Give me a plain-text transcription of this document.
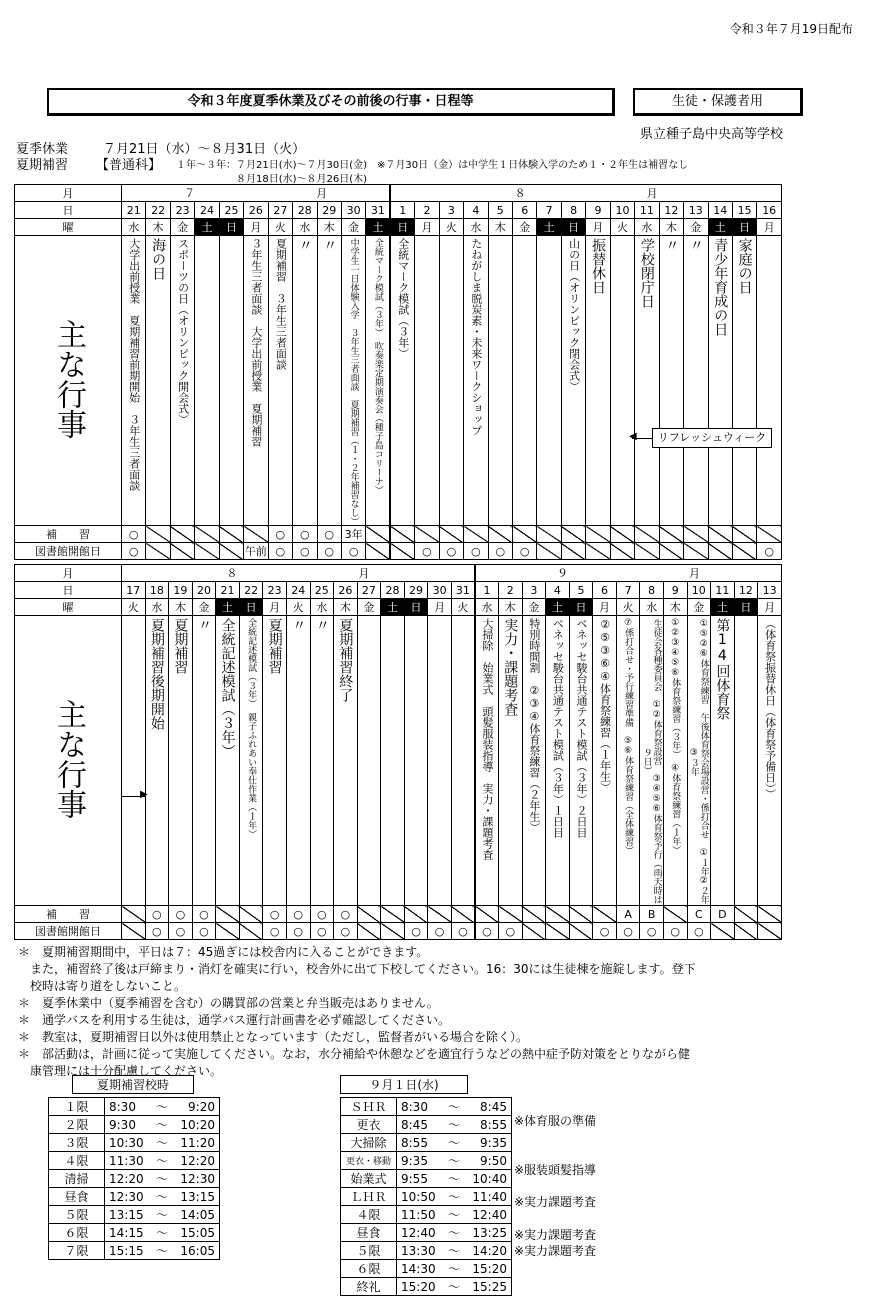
令和３年７月19日配布
令和３年度夏季休業及びその前後の行事・日程等	生徒・保護者用
県立種子島中央高等学校
夏季休業	７月21日（水）～８月31日（火）
夏期補習 【普通科】 １年～３年：７月21日(水)～７月30日(金)　※７月30日（金）は中学生１日体験入学のため１・２年生は補習なし
８月18日(水)～８月26日(木)
月	７　　　　　　　　　　　月											８　　　　　　　　　　　月															
日	21	22	23	24	25	26	27	28	29	30	31	1	2	3	4	5	6	7	8	9	10	11	12	13	14	15	16
曜	水	木	金	土	日	月	火	水	木	金	土	日	月	火	水	木	金	土	日	月	火	水	木	金	土	日	月
主な行事	大学出前授業　夏期補習前期開始　３年生三者面談	海の日	スポーツの日（オリンピック開会式）			３年生三者面談　大学出前授業　夏期補習	夏期補習　３年生三者面談	〃	〃	中学生一日体験入学　３年生三者面談　夏期補習（１・２年補習なし）	全統マーク模試（３年）　吹奏楽定期演奏会（種子島コリーナ）	全統マーク模試（３年）			たねがしま脱炭素・未来ワークショップ				山の日（オリンピック閉会式）	振替休日		学校閉庁日	〃	〃	青少年育成の日	家庭の日	
補　　習	○						○	○	○	3年																	
図書館開館日	○					午前	○	○	○	○			○	○	○	○	○										○
リフレッシュウィーク
◀
月	８　　　　　　　　　　　月															９　　　　　　　　　　　月												
日	17	18	19	20	21	22	23	24	25	26	27	28	29	30	31	1	2	3	4	5	6	7	8	9	10	11	12	13
曜	火	水	木	金	土	日	月	火	水	木	金	土	日	月	火	水	木	金	土	日	月	火	水	木	金	土	日	月
主な行事		夏期補習後期開始	夏期補習	〃	全統記述模試（３年）	全統記述模試（３年）　親子ふれあい奉仕作業（１年）	夏期補習	〃	〃	夏期補習終了						大掃除　始業式　頭髪服装指導　実力・課題考査	実力・課題考査	特別時間割　②③④体育祭練習（２年生）	ベネッセ駿台共通テスト模試（３年）１日目	ベネッセ駿台共通テスト模試（３年）２日目	②⑤③⑥④体育祭練習（１年生）	⑦係打合せ・予行練習準備　⑤⑥体育祭練習（全体練習）	生徒会各種委員会　①②体育祭設営　③④⑤⑥体育祭予行（雨天時は９日）	①②③④⑤⑥体育祭練習（３年）　④体育祭練習（１年）	①⑤②⑥体育祭練習　午後体育祭会場設営・係打合せ　①１年②２年③３年	第14回体育祭		（体育祭振替休日（体育祭予備日））
補　　習		○	○	○			○	○	○	○												A	B		C	D		
図書館開館日		○	○	○			○	○	○	○			○	○	○	○	○				○	○	○	○	○			
▶
＊　夏期補習期間中，平日は７：45過ぎには校舎内に入ることができます。
　また，補習終了後は戸締まり・消灯を確実に行い，校舎外に出て下校してください。16：30には生徒棟を施錠します。登下
　校時は寄り道をしないこと。
＊　夏季休業中（夏季補習を含む）の購買部の営業と弁当販売はありません。
＊　通学バスを利用する生徒は，通学バス運行計画書を必ず確認してください。
＊　教室は，夏期補習日以外は使用禁止となっています（ただし，監督者がいる場合を除く）。
＊　部活動は，計画に従って実施してください。なお，水分補給や休憩などを適宜行うなどの熱中症予防対策をとりながら健
　康管理には十分配慮してください。
夏期補習校時
１限	8:30	～	9:20
２限	9:30	～	10:20
３限	10:30	～	11:20
４限	11:30	～	12:20
清掃	12:20	～	12:30
昼食	12:30	～	13:15
５限	13:15	～	14:05
６限	14:15	～	15:05
７限	15:15	～	16:05
９月１日(水)
ＳＨＲ	8:30	～	8:45
更衣	8:45	～	8:55
大掃除	8:55	～	9:35
更衣・移動	9:35	～	9:50
始業式	9:55	～	10:40
ＬＨＲ	10:50	～	11:40
４限	11:50	～	12:40
昼食	12:40	～	13:25
５限	13:30	～	14:20
６限	14:30	～	15:20
終礼	15:20	～	15:25
※体育服の準備
※服装頭髪指導
※実力課題考査
※実力課題考査
※実力課題考査
